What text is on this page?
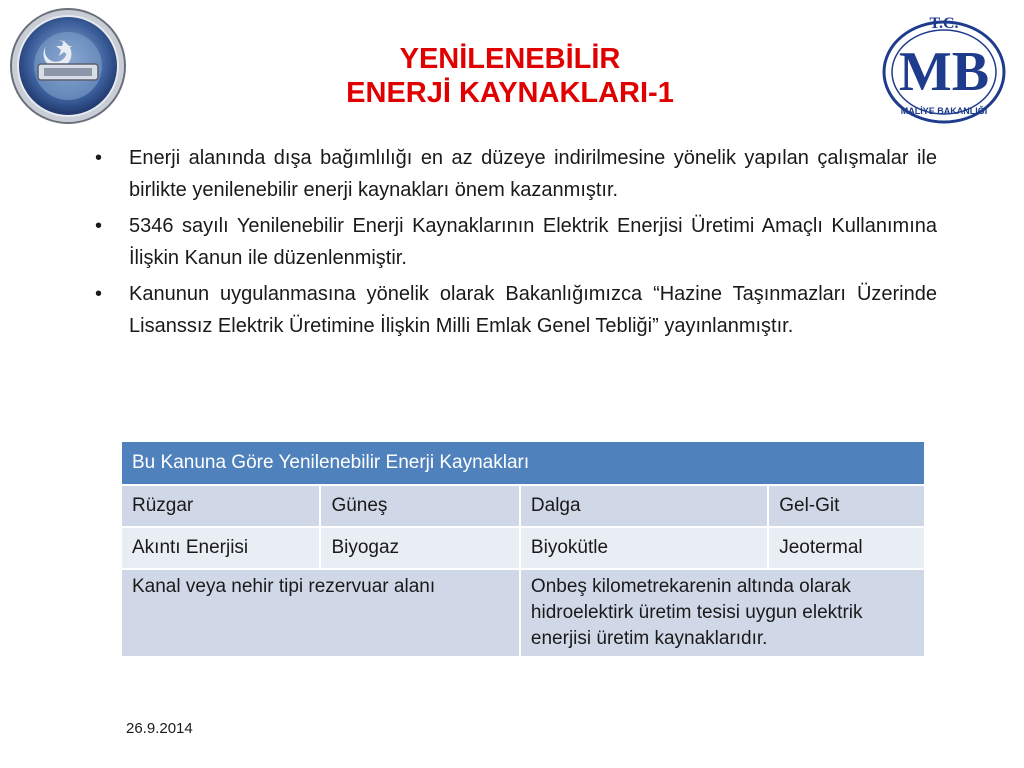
T.C.
MB
MALİYE BAKANLIĞI
YENİLENEBİLİR
ENERJİ KAYNAKLARI-1
• Enerji alanında dışa bağımlılığı en az düzeye indirilmesine yönelik yapılan çalışmalar ile birlikte yenilenebilir enerji kaynakları önem kazanmıştır.
• 5346 sayılı Yenilenebilir Enerji Kaynaklarının Elektrik Enerjisi Üretimi Amaçlı Kullanımına İlişkin Kanun ile düzenlenmiştir.
• Kanunun uygulanmasına yönelik olarak Bakanlığımızca “Hazine Taşınmazları Üzerinde Lisanssız Elektrik Üretimine İlişkin Milli Emlak Genel Tebliği” yayınlanmıştır.
Bu Kanuna Göre Yenilenebilir Enerji Kaynakları			
Rüzgar	Güneş	Dalga	Gel-Git
Akıntı Enerjisi	Biyogaz	Biyokütle	Jeotermal
Kanal veya nehir tipi rezervuar alanı		Onbeş kilometrekarenin altında olarak hidroelektirk üretim tesisi uygun elektrik enerjisi üretim kaynaklarıdır.	
26.9.2014
